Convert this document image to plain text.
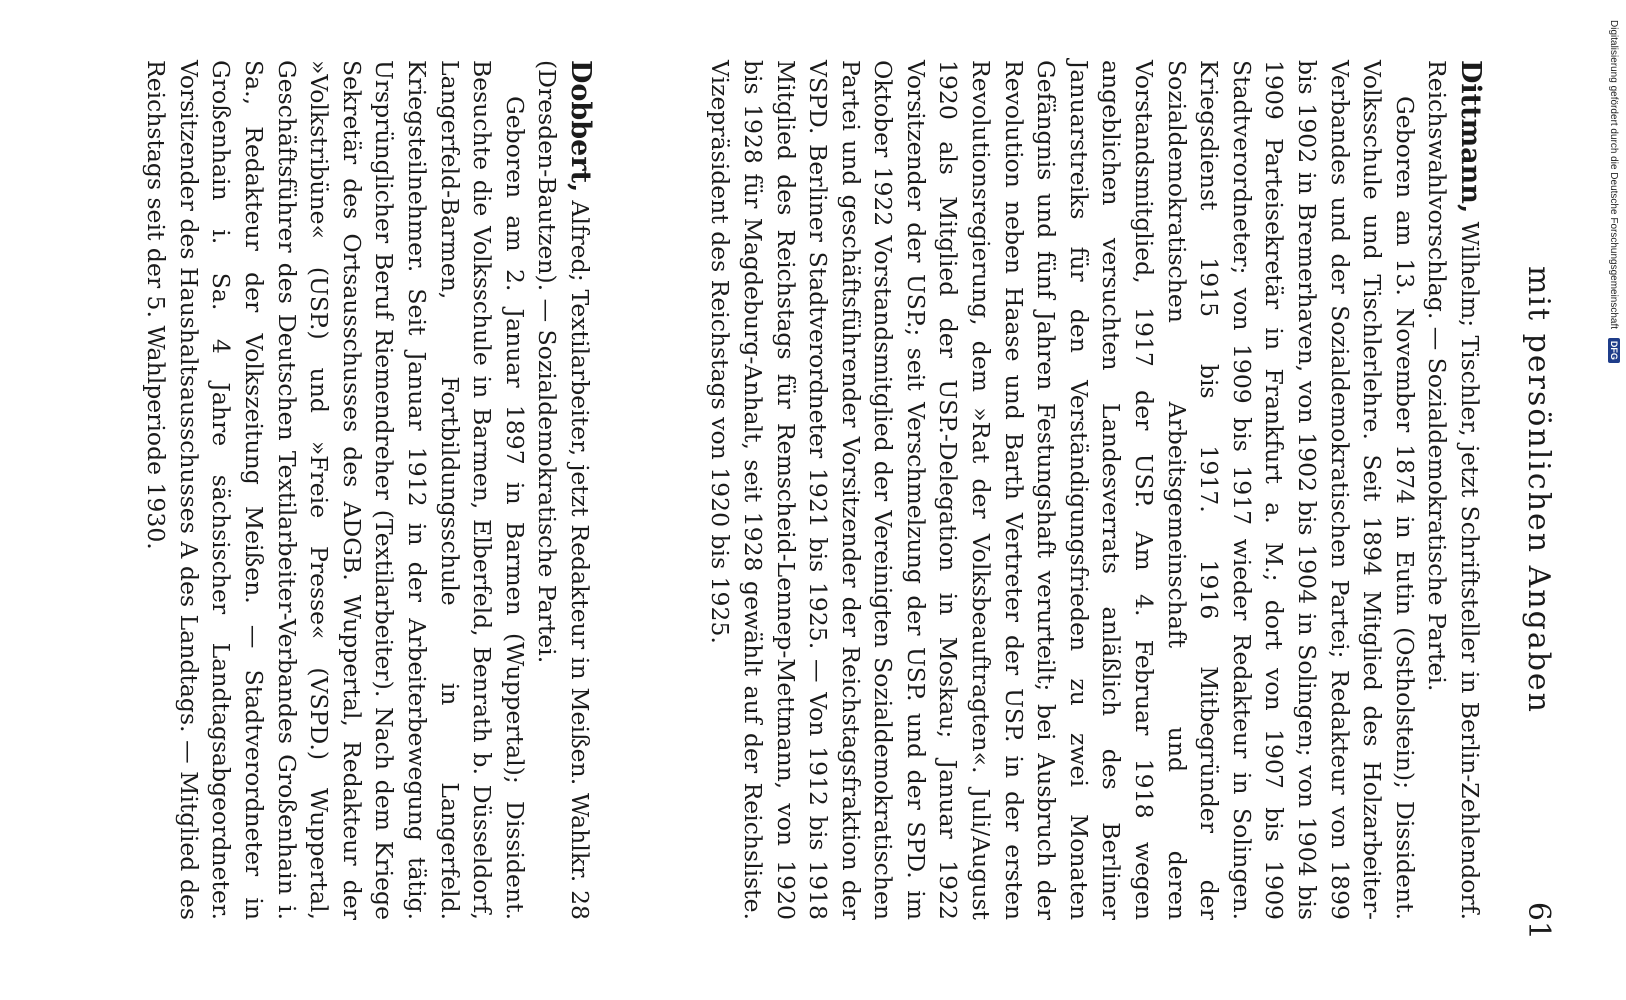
mit persönlichen Angaben
61

Dittmann, Wilhelm; Tischler, jetzt Schriftsteller in Berlin-Zehlendorf. Reichswahlvorschlag. — Sozialdemokratische Partei.

Geboren am 13. November 1874 in Eutin (Ostholstein); Dissident. Volksschule und Tischlerlehre. Seit 1894 Mitglied des Holzarbeiter-Verbandes und der Sozialdemokratischen Partei; Redakteur von 1899 bis 1902 in Bremerhaven, von 1902 bis 1904 in Solingen; von 1904 bis 1909 Parteisekretär in Frankfurt a. M.; dort von 1907 bis 1909 Stadtverordneter; von 1909 bis 1917 wieder Redakteur in Solingen. Kriegsdienst 1915 bis 1917. 1916 Mitbegründer der Sozialdemokratischen Arbeitsgemeinschaft und deren Vorstandsmitglied, 1917 der USP. Am 4. Februar 1918 wegen angeblichen versuchten Landesverrats anläßlich des Berliner Januarstreiks für den Verständigungsfrieden zu zwei Monaten Gefängnis und fünf Jahren Festungshaft verurteilt; bei Ausbruch der Revolution neben Haase und Barth Vertreter der USP. in der ersten Revolutionsregierung, dem »Rat der Volksbeauftragten«. Juli/August 1920 als Mitglied der USP.-Delegation in Moskau; Januar 1922 Vorsitzender der USP.; seit Verschmelzung der USP. und der SPD. im Oktober 1922 Vorstandsmitglied der Vereinigten Sozialdemokratischen Partei und geschäftsführender Vorsitzender der Reichstagsfraktion der VSPD. Berliner Stadtverordneter 1921 bis 1925. — Von 1912 bis 1918 Mitglied des Reichstags für Remscheid-Lennep-Mettmann, von 1920 bis 1928 für Magdeburg-Anhalt, seit 1928 gewählt auf der Reichsliste. Vizepräsident des Reichstags von 1920 bis 1925.

Dobbert, Alfred; Textilarbeiter, jetzt Redakteur in Meißen. Wahlkr. 28 (Dresden-Bautzen). — Sozialdemokratische Partei.

Geboren am 2. Januar 1897 in Barmen (Wuppertal); Dissident. Besuchte die Volksschule in Barmen, Elberfeld, Benrath b. Düsseldorf, Langerfeld-Barmen, Fortbildungsschule in Langerfeld. Kriegsteilnehmer. Seit Januar 1912 in der Arbeiterbewegung tätig. Ursprünglicher Beruf Riemendreher (Textilarbeiter). Nach dem Kriege Sekretär des Ortsausschusses des ADGB. Wuppertal, Redakteur der »Volkstribüne« (USP.) und »Freie Presse« (VSPD.) Wuppertal, Geschäftsführer des Deutschen Textilarbeiter-Verbandes Großenhain i. Sa., Redakteur der Volkszeitung Meißen. — Stadtverordneter in Großenhain i. Sa. 4 Jahre sächsischer Landtagsabgeordneter. Vorsitzender des Haushaltsausschusses A des Landtags. — Mitglied des Reichstags seit der 5. Wahlperiode 1930.	Digitalisierung gefördert durch die Deutsche Forschungsgemeinschaft DFG
